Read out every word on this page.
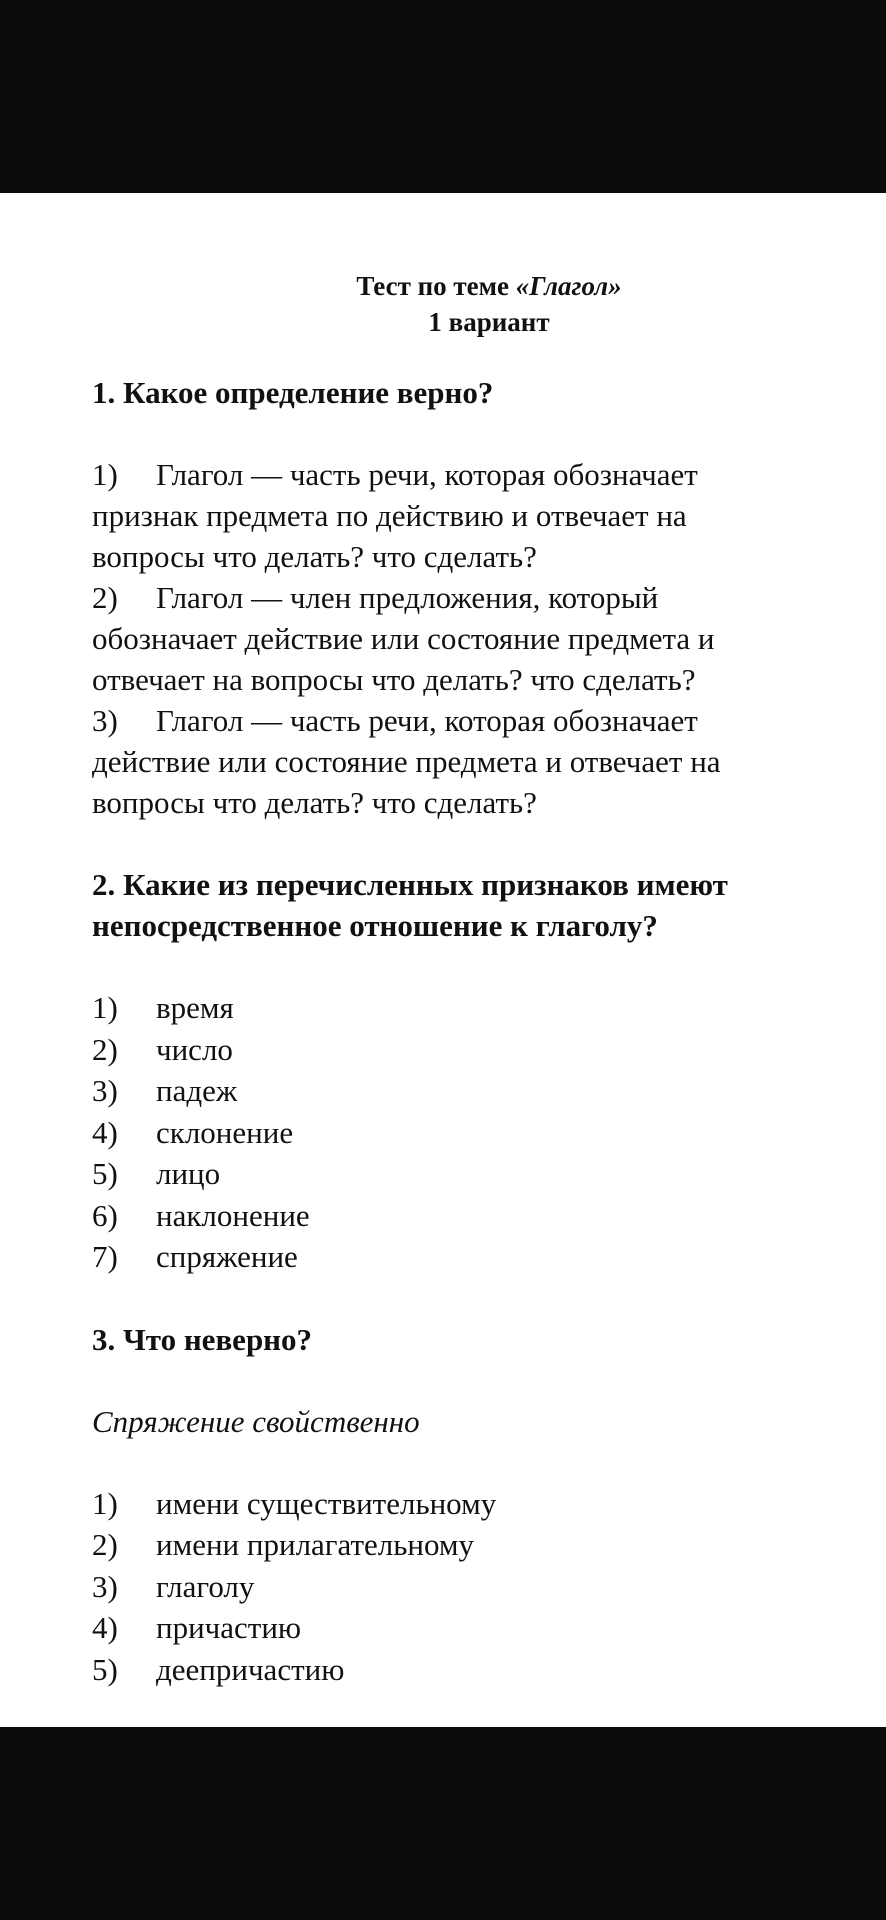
Тест по теме «Глагол»
1 вариант

1. Какое определение верно?

1) Глагол — часть речи, которая обозначает

признак предмета по действию и отвечает на

вопросы что делать? что сделать?

2) Глагол — член предложения, который

обозначает действие или состояние предмета и

отвечает на вопросы что делать? что сделать?

3) Глагол — часть речи, которая обозначает

действие или состояние предмета и отвечает на

вопросы что делать? что сделать?

2. Какие из перечисленных признаков имеют

непосредственное отношение к глаголу?

1)	время
2)	число
3)	падеж
4)	склонение
5)	лицо
6)	наклонение
7)	спряжение

3. Что неверно?

Спряжение свойственно

1)	имени существительному
2)	имени прилагательному
3)	глаголу
4)	причастию
5)	деепричастию
